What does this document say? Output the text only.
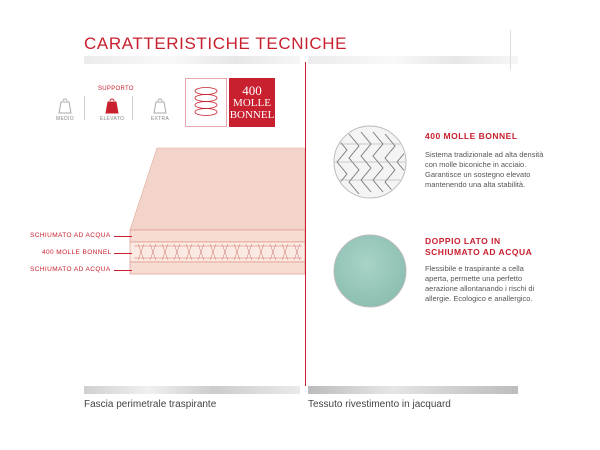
CARATTERISTICHE TECNICHE
SUPPORTO
MEDIO	ELEVATO	EXTRA
400
MOLLE
BONNEL
SCHIUMATO AD ACQUA
400 MOLLE BONNEL
SCHIUMATO AD ACQUA
400 MOLLE BONNEL
Sistema tradizionale ad alta densità
con molle biconiche in acciaio.
Garantisce un sostegno elevato
mantenendo una alta stabilità.
DOPPIO LATO IN
SCHIUMATO AD ACQUA
Flessibile e traspirante a cella
aperta, permette una perfetto
aerazione allontanando i rischi di
allergie. Ecologico e anallergico.
Fascia perimetrale traspirante	Tessuto rivestimento in jacquard
